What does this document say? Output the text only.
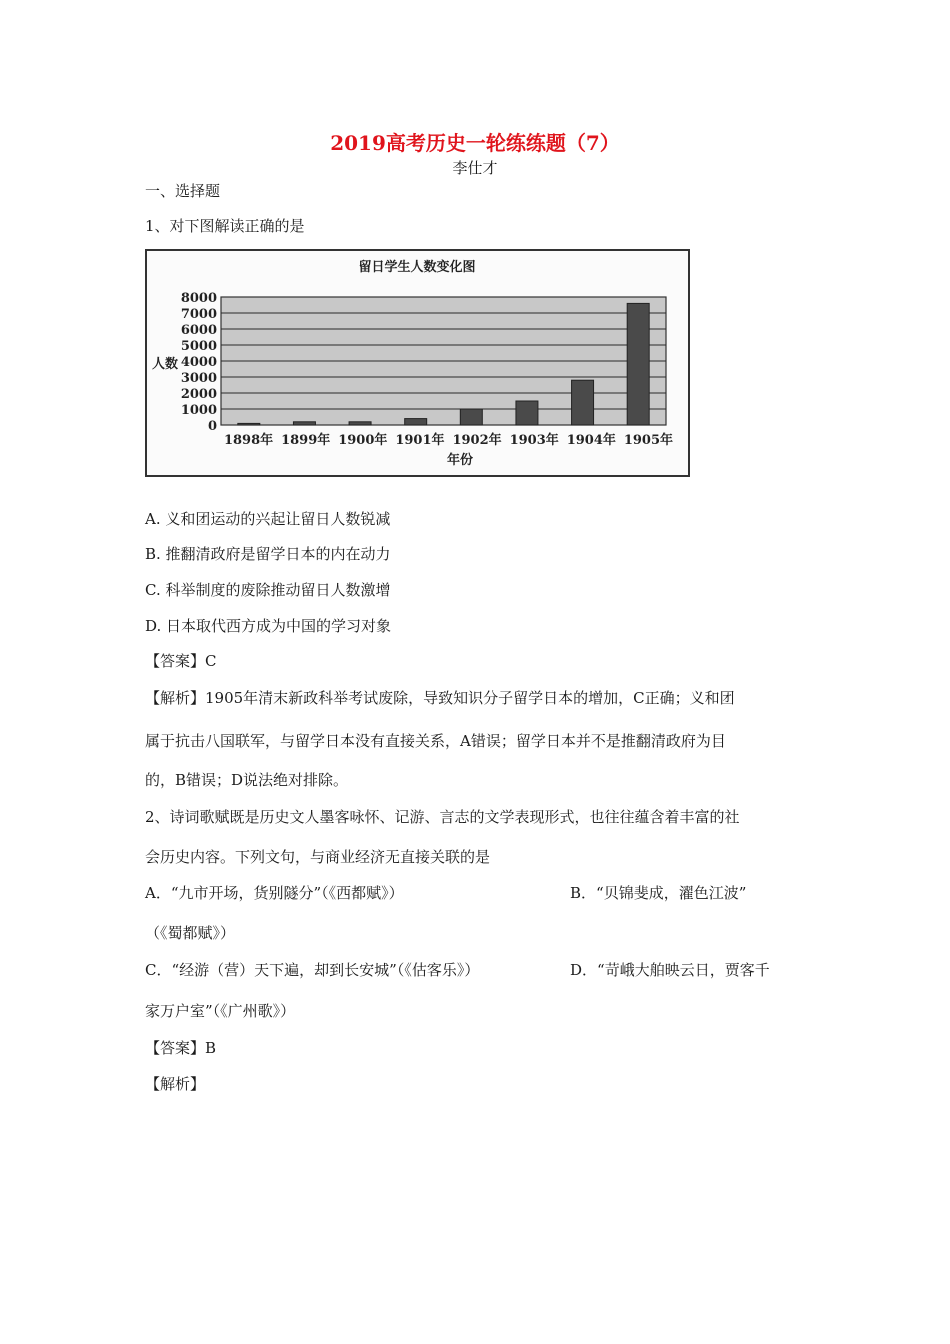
2019高考历史一轮练练题（7）
李仕才
一、选择题
1、对下图解读正确的是
留日学生人数变化图
0
1000
2000
3000
4000
5000
6000
7000
8000
人数
1898年 1899年 1900年 1901年 1902年 1903年 1904年 1905年
年份
A. 义和团运动的兴起让留日人数锐减
B. 推翻清政府是留学日本的内在动力
C. 科举制度的废除推动留日人数激增
D. 日本取代西方成为中国的学习对象
【答案】C
【解析】1905年清末新政科举考试废除，导致知识分子留学日本的增加，C正确；义和团
属于抗击八国联军，与留学日本没有直接关系，A错误；留学日本并不是推翻清政府为目
的，B错误；D说法绝对排除。
2、诗词歌赋既是历史文人墨客咏怀、记游、言志的文学表现形式，也往往蕴含着丰富的社
会历史内容。下列文句，与商业经济无直接关联的是
A．“九市开场，货别隧分”（《西都赋》）	B．“贝锦斐成，濯色江波”
（《蜀都赋》）
C．“经游（营）天下遍，却到长安城”（《估客乐》）	D．“苛峨大舶映云日，贾客千
家万户室”（《广州歌》）
【答案】B
【解析】
